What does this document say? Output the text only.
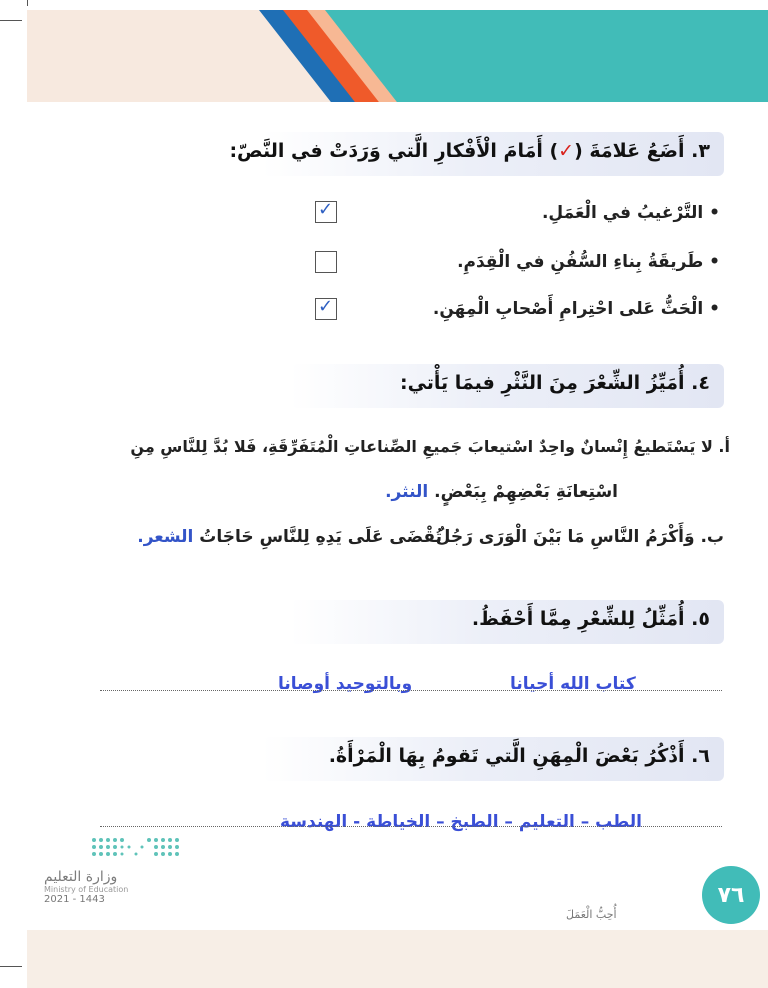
٣. أَضَعُ عَلامَةَ (✓) أَمَامَ الْأَفْكارِ الَّتي وَرَدَتْ في النَّصّ:
• التَّرْغيبُ في الْعَمَلِ.
✓
• طَريقَةُ بِناءِ السُّفُنِ في الْقِدَمِ.
• الْحَثُّ عَلى احْتِرامِ أَصْحابِ الْمِهَنِ.
✓
٤. أُمَيِّزُ الشِّعْرَ مِنَ النَّثْرِ فيمَا يَأْتي:
أ. لا يَسْتَطيعُ إِنْسانٌ واحِدٌ اسْتيعابَ جَميعِ الصِّناعاتِ الْمُتَفَرِّقَةِ، فَلا بُدَّ لِلنَّاسِ مِنِ
اسْتِعانَةِ بَعْضِهِمْ بِبَعْضٍ. النثر.
ب. وَأَكْرَمُ النَّاسِ مَا بَيْنَ الْوَرَى رَجُلٌ
تُقْضَى عَلَى يَدِهِ لِلنَّاسِ حَاجَاتُ الشعر.
٥. أُمَثِّلُ لِلشِّعْرِ مِمَّا أَحْفَظُ.
كتاب الله أحيانا
وبالتوحيد أوصانا
٦. أَذْكُرُ بَعْضَ الْمِهَنِ الَّتي تَقومُ بِهَا الْمَرْأَةُ.
الطب – التعليم – الطبخ – الخياطة - الهندسة
وزارة التعليم
Ministry of Education
2021 - 1443
أُحِبُّ الْعَمَلَ
٧٦
